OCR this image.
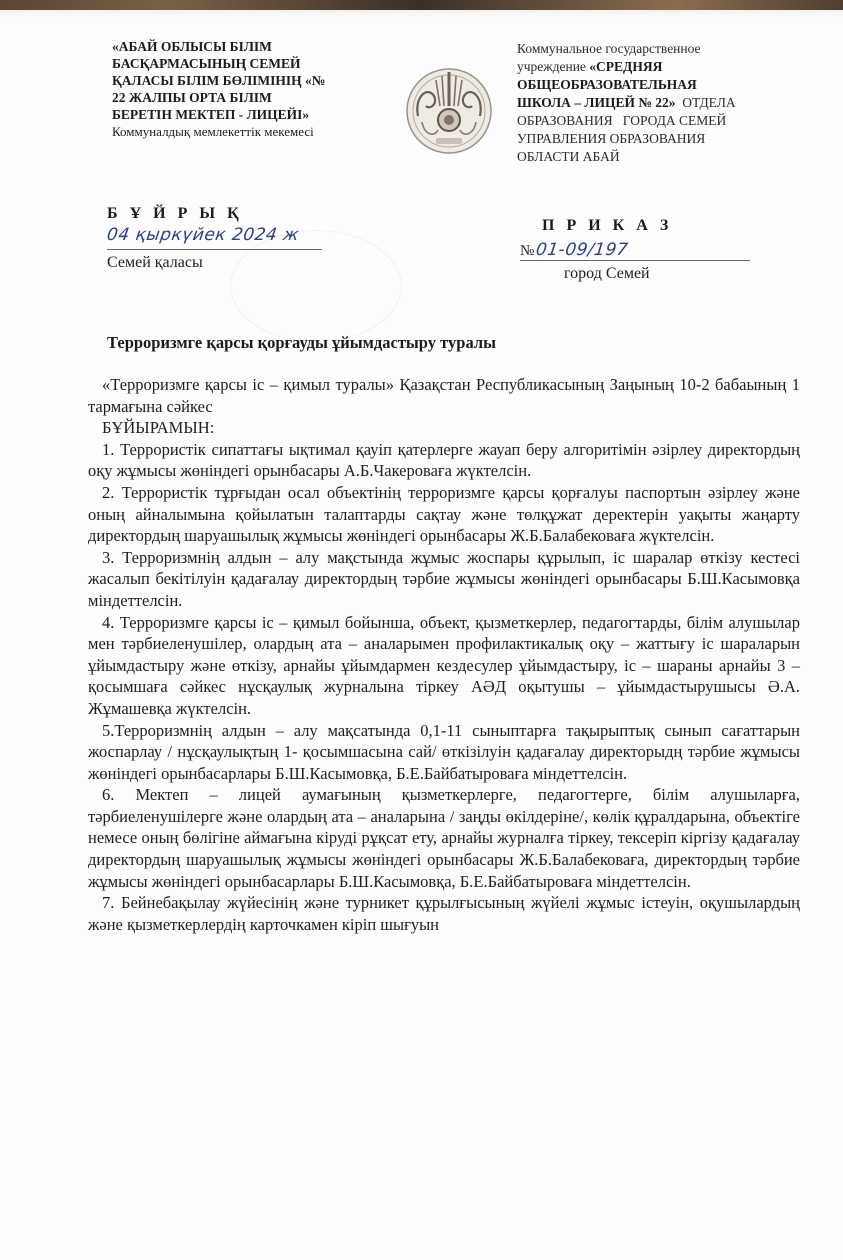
«АБАЙ ОБЛЫСЫ БІЛІМ
БАСҚАРМАСЫНЫҢ СЕМЕЙ
ҚАЛАСЫ БІЛІМ БӨЛІМІНІҢ «№
22 ЖАЛПЫ ОРТА БІЛІМ
БЕРЕТІН МЕКТЕП - ЛИЦЕЙІ»
Коммуналдық мемлекеттік мекемесі
Коммунальное государственное
учреждение «СРЕДНЯЯ
ОБЩЕОБРАЗОВАТЕЛЬНАЯ
ШКОЛА – ЛИЦЕЙ № 22»  ОТДЕЛА
ОБРАЗОВАНИЯ   ГОРОДА СЕМЕЙ
УПРАВЛЕНИЯ ОБРАЗОВАНИЯ
ОБЛАСТИ АБАЙ
Б Ұ Й Р Ы Қ
04 қыркүйек 2024 ж
Семей қаласы
П Р И К А З
№ 01-09/197
город Семей
Терроризмге қарсы қорғауды ұйымдастыру туралы

«Терроризмге қарсы іс – қимыл туралы» Қазақстан Республикасының Заңының 10-2 бабаының 1 тармағына сәйкес

БҰЙЫРАМЫН:

1. Террористік сипаттағы ықтимал қауіп қатерлерге жауап беру алгоритімін әзірлеу директордың оқу жұмысы жөніндегі орынбасары А.Б.Чакероваға жүктелсін.

2. Террористік тұрғыдан осал объектінің терроризмге қарсы қорғалуы паспортын әзірлеу және оның айналымына қойылатын талаптарды сақтау және төлқұжат деректерін уақыты жаңарту директордың шаруашылық жұмысы жөніндегі орынбасары Ж.Б.Балабековаға жүктелсін.

3. Терроризмнің алдын – алу мақстында жұмыс жоспары құрылып, іс шаралар өткізу кестесі жасалып бекітілуін қадағалау директордың тәрбие жұмысы жөніндегі орынбасары Б.Ш.Касымовқа міндеттелсін.

4. Терроризмге қарсы іс – қимыл бойынша, объект, қызметкерлер, педагогтарды, білім алушылар мен тәрбиеленушілер, олардың ата – аналарымен профилактикалық оқу – жаттығу іс шараларын ұйымдастыру және өткізу, арнайы ұйымдармен кездесулер ұйымдастыру, іс – шараны арнайы 3 – қосымшаға сәйкес нұсқаулық журналына тіркеу АӘД оқытушы – ұйымдастырушысы Ә.А. Жұмашевқа жүктелсін.

5.Терроризмнің алдын – алу мақсатында 0,1-11 сыныптарға тақырыптық сынып сағаттарын жоспарлау / нұсқаулықтың 1- қосымшасына сай/ өткізілуін қадағалау директорыдң тәрбие жұмысы жөніндегі орынбасарлары Б.Ш.Касымовқа, Б.Е.Байбатыроваға міндеттелсін.

6. Мектеп – лицей аумағының қызметкерлерге, педагогтерге, білім алушыларға, тәрбиеленушілерге және олардың ата – аналарына / заңды өкілдеріне/, көлік құралдарына, объектіге немесе оның бөлігіне аймағына кіруді рұқсат ету, арнайы журналға тіркеу, тексеріп кіргізу қадағалау директордың шаруашылық жұмысы жөніндегі орынбасары Ж.Б.Балабековаға, директордың тәрбие жұмысы жөніндегі орынбасарлары Б.Ш.Касымовқа, Б.Е.Байбатыроваға міндеттелсін.

7. Бейнебақылау жүйесінің және турникет құрылғысының жүйелі жұмыс істеуін, оқушылардың және қызметкерлердің карточкамен кіріп шығуын
